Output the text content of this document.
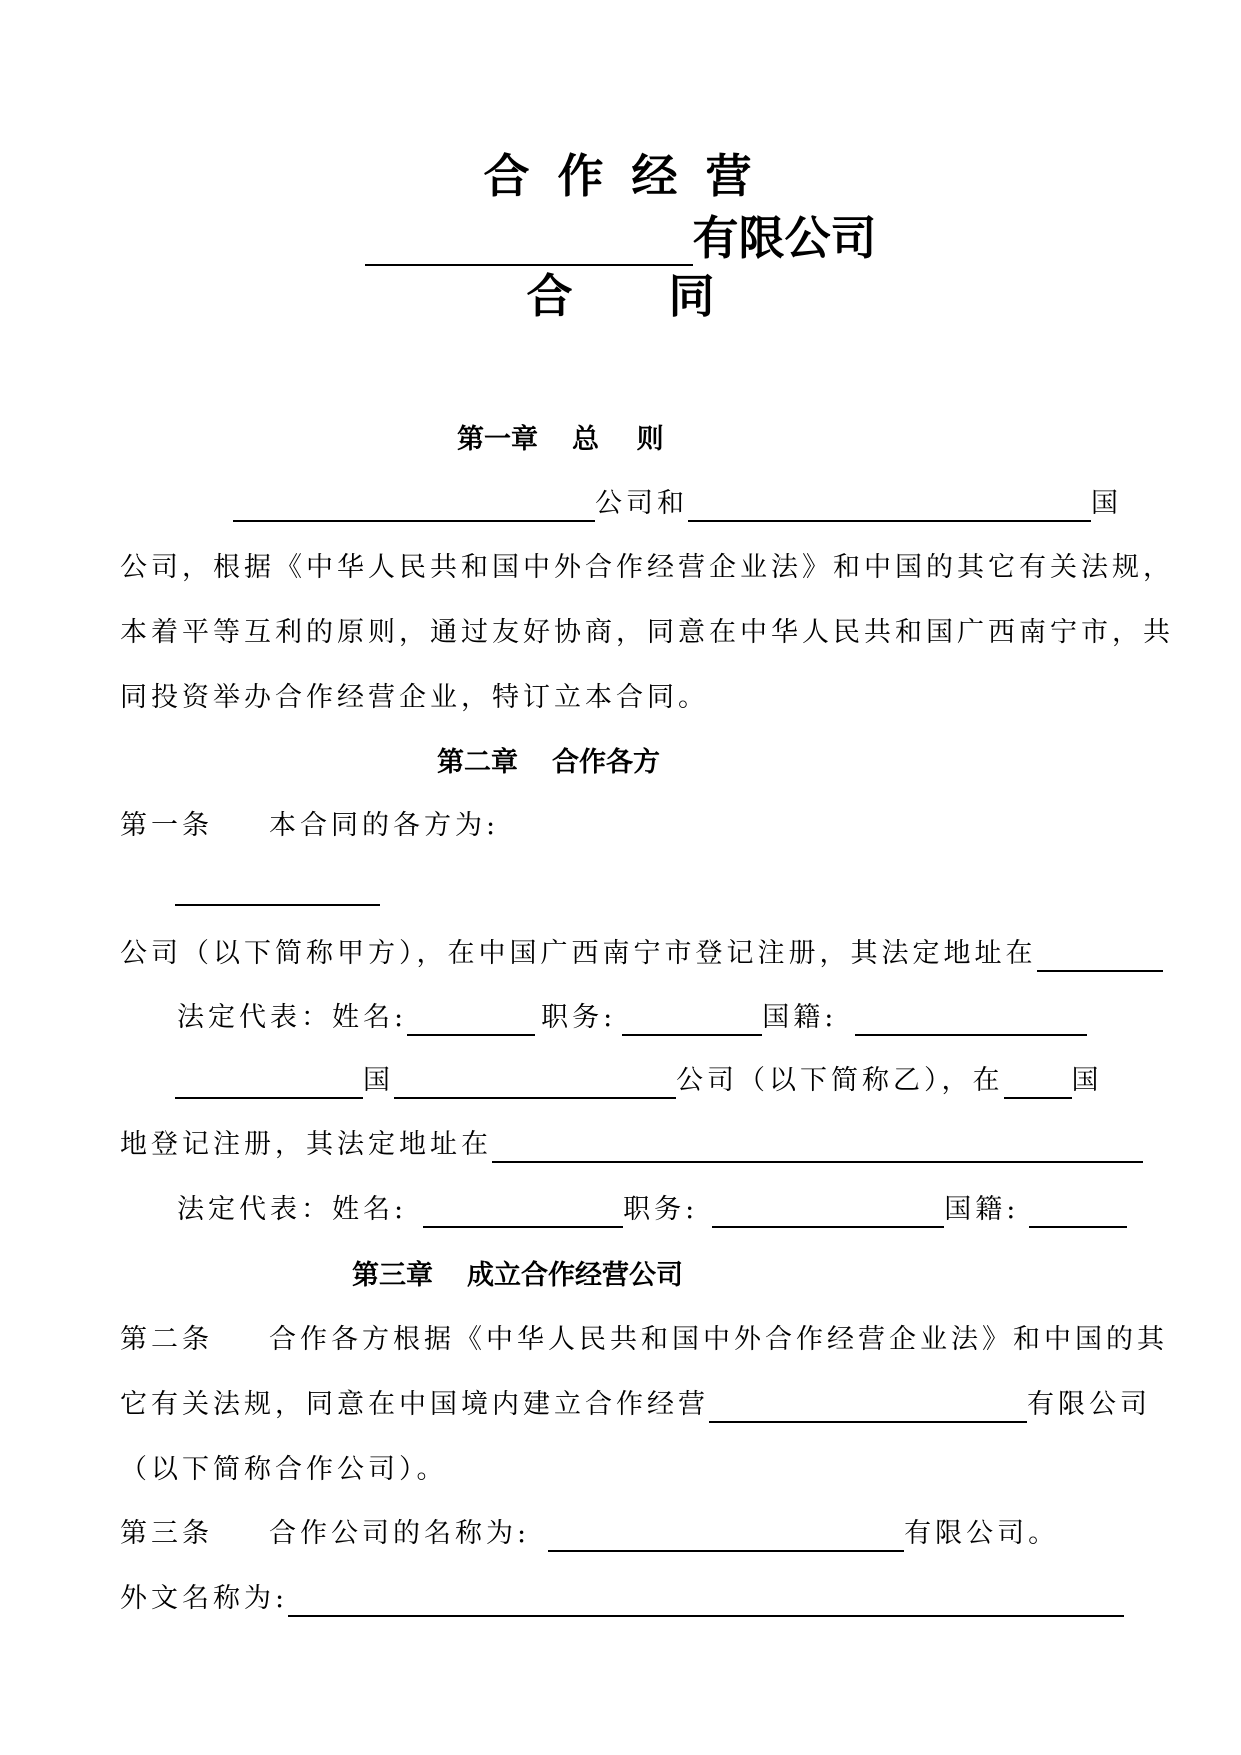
合 作 经 营
有限公司
合      同
第一章 总    则
公司和	国
公司，根据《中华人民共和国中外合作经营企业法》和中国的其它有关法规，
本着平等互利的原则，通过友好协商，同意在中华人民共和国广西南宁市，共
同投资举办合作经营企业，特订立本合同。
第二章 合作各方
第一条 本合同的各方为:
公司（以下简称甲方），在中国广西南宁市登记注册，其法定地址在
法定代表：姓名:	职务:	国籍:
国	公司（以下简称乙），在	国
地登记注册，其法定地址在
法定代表：姓名:	职务:	国籍:
第三章 成立合作经营公司
第二条 合作各方根据《中华人民共和国中外合作经营企业法》和中国的其
它有关法规，同意在中国境内建立合作经营	有限公司
（以下简称合作公司）。
第三条 合作公司的名称为:	有限公司。
外文名称为:
